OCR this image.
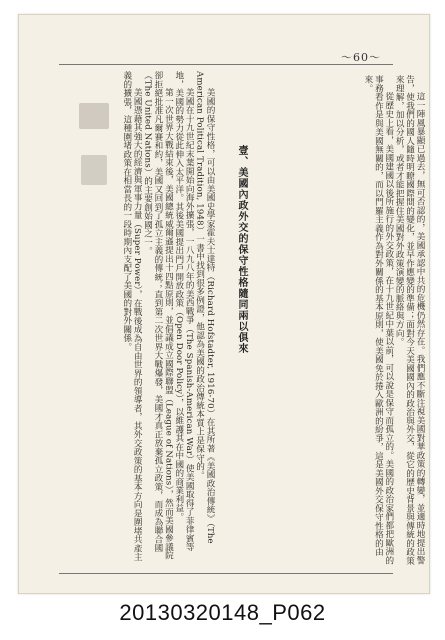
～60～

這一陣風暴顯已過去，無可否認的，美國承認中共的危機仍然存在。我們應不斷注視美國對華政策的轉變，並適時地提出警告，使我們的國人隨時明瞭國際間的變化，並早作應變的準備；面對今天美國國內的政治與外交，從它的歷史背景與傳統的政策來理解，加以分析，或者才能把握住美國對外政策演變的脈絡與方向。

從歷史上看，美國建國以後所施行的外交政策，在十九世紀中葉以前，可以說是保守而孤立的。美國的政治家們都把歐洲的事務看作是與美國無關的，而以門羅主義作為對外關係的基本原則，使美國免於捲入歐洲的紛爭，這是美國外交保守性格的由來。

壹、美國內政外交的保守性格隨同兩以俱來

美國的保守性格，可以由美國史學家霍夫士達特（Richard Hofstadter, 1916-70）在其所著《美國政治傳統》（The American Political Tradition, 1948）一書中找到很多例證，他認為美國的政治傳統本質上是保守的。

美國在十九世紀末葉開始向海外擴張，一八九八年的美西戰爭（The Spanish-American War）使美國取得了菲律賓等地，美國的勢力從此伸入太平洋。其後美國提出門戶開放政策（Open Door Policy），以維護其在中國的商業利益。

第一次世界大戰結束後，美國總統威爾遜提出十四點原則，並倡議成立國際聯盟（League of Nations），然而美國參議院卻拒絕批准凡爾賽和約，美國又回到了孤立主義的傳統；直到第二次世界大戰爆發，美國才真正放棄孤立政策，而成為聯合國（The United Nations）的主要創始國之一。

美國憑藉其強大的經濟與軍事力量（Super Power），在戰後成為自由世界的領導者，其外交政策的基本方向是圍堵共產主義的擴張，這種圍堵政策在相當長的一段時期內支配了美國的對外關係。

20130320148_P062
